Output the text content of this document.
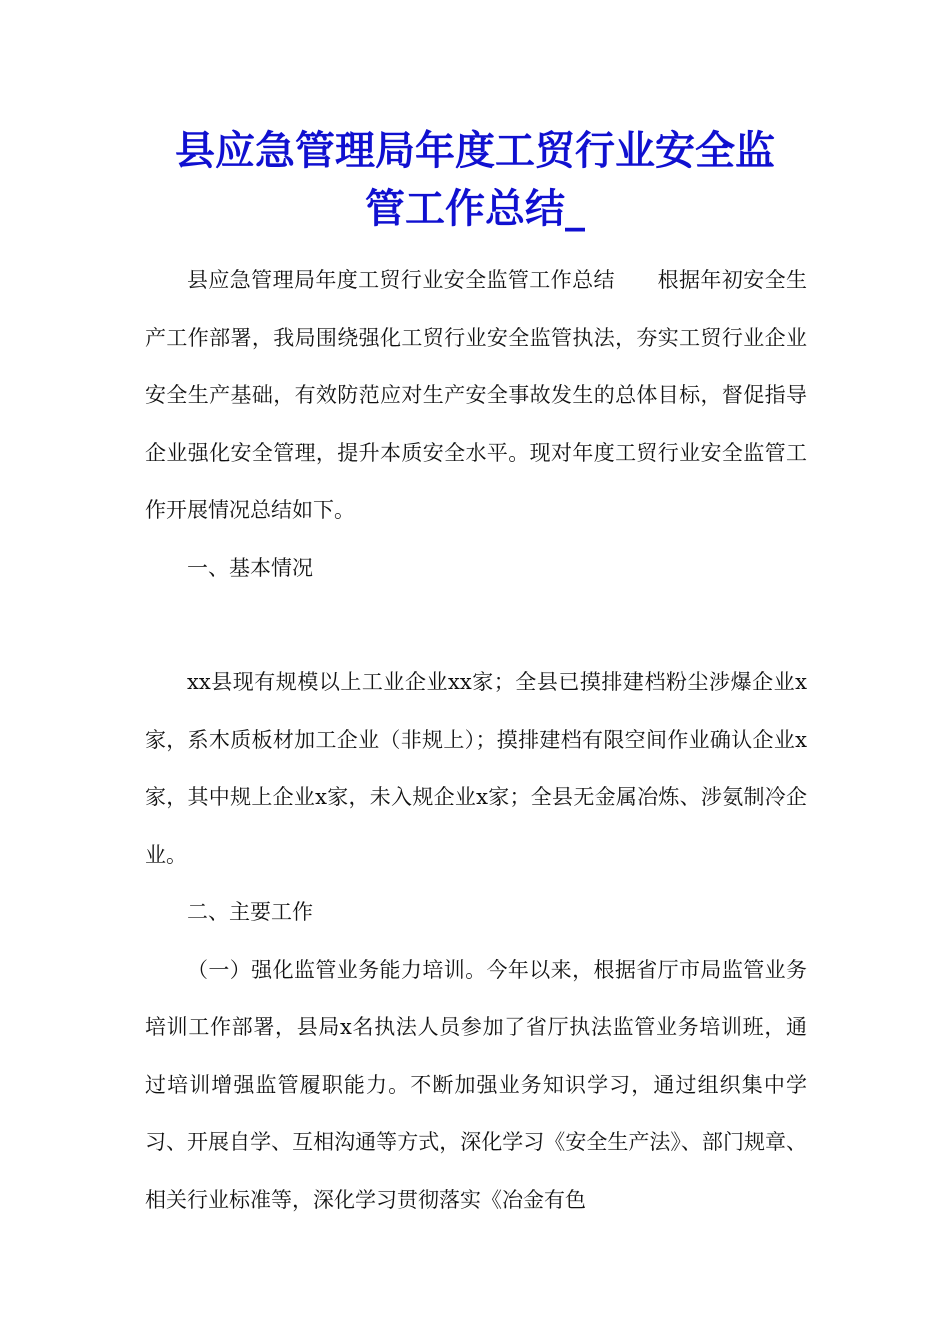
县应急管理局年度工贸行业安全监
管工作总结_

县应急管理局年度工贸行业安全监管工作总结　　根据年初安全生产工作部署，我局围绕强化工贸行业安全监管执法，夯实工贸行业企业安全生产基础，有效防范应对生产安全事故发生的总体目标，督促指导企业强化安全管理，提升本质安全水平。现对年度工贸行业安全监管工作开展情况总结如下。

一、基本情况

xx县现有规模以上工业企业xx家；全县已摸排建档粉尘涉爆企业x家，系木质板材加工企业（非规上）；摸排建档有限空间作业确认企业x家，其中规上企业x家，未入规企业x家；全县无金属冶炼、涉氨制冷企业。

二、主要工作

（一）强化监管业务能力培训。今年以来，根据省厅市局监管业务培训工作部署，县局x名执法人员参加了省厅执法监管业务培训班，通过培训增强监管履职能力。不断加强业务知识学习，通过组织集中学习、开展自学、互相沟通等方式，深化学习《安全生产法》、部门规章、相关行业标准等，深化学习贯彻落实《冶金有色
